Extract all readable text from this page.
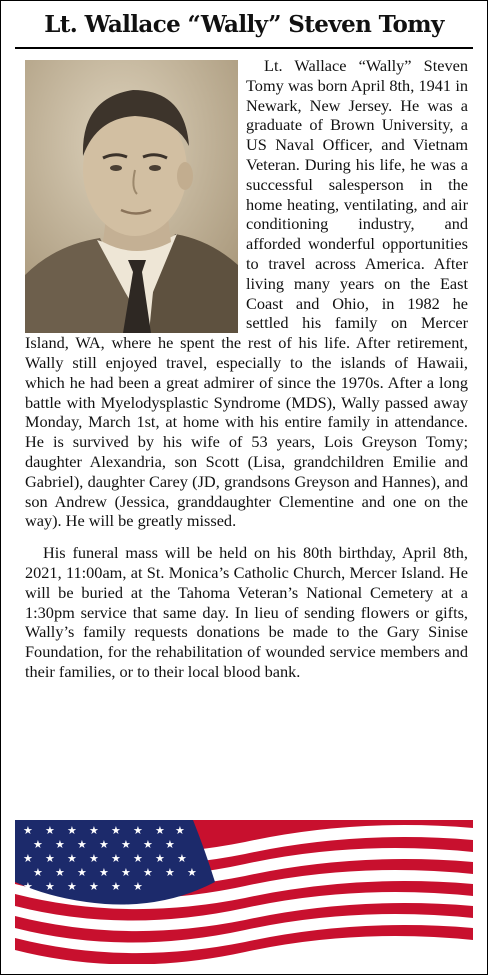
Lt. Wallace “Wally” Steven Tomy

Lt. Wallace “Wally” Steven Tomy was born April 8th, 1941 in Newark, New Jersey. He was a graduate of Brown University, a US Naval Officer, and Vietnam Veteran. During his life, he was a successful salesperson in the home heating, ventilating, and air conditioning industry, and afforded wonderful opportunities to travel across America. After living many years on the East Coast and Ohio, in 1982 he settled his family on Mercer Island, WA, where he spent the rest of his life. After retirement, Wally still enjoyed travel, especially to the islands of Hawaii, which he had been a great admirer of since the 1970s. After a long battle with Myelodysplastic Syndrome (MDS), Wally passed away Monday, March 1st, at home with his entire family in attendance. He is survived by his wife of 53 years, Lois Greyson Tomy; daughter Alexandria, son Scott (Lisa, grandchildren Emilie and Gabriel), daughter Carey (JD, grandsons Greyson and Hannes), and son Andrew (Jessica, granddaughter Clementine and one on the way). He will be greatly missed.

His funeral mass will be held on his 80th birthday, April 8th, 2021, 11:00am, at St. Monica’s Catholic Church, Mercer Island. He will be buried at the Tahoma Veteran’s National Cemetery at a 1:30pm service that same day. In lieu of sending flowers or gifts, Wally’s family requests donations be made to the Gary Sinise Foundation, for the rehabilitation of wounded service members and their families, or to their local blood bank.

★ ★ ★ ★ ★ ★ ★ ★
★ ★ ★ ★ ★ ★ ★
★ ★ ★ ★ ★ ★ ★ ★
★ ★ ★ ★ ★ ★ ★ ★
★ ★ ★ ★ ★ ★
